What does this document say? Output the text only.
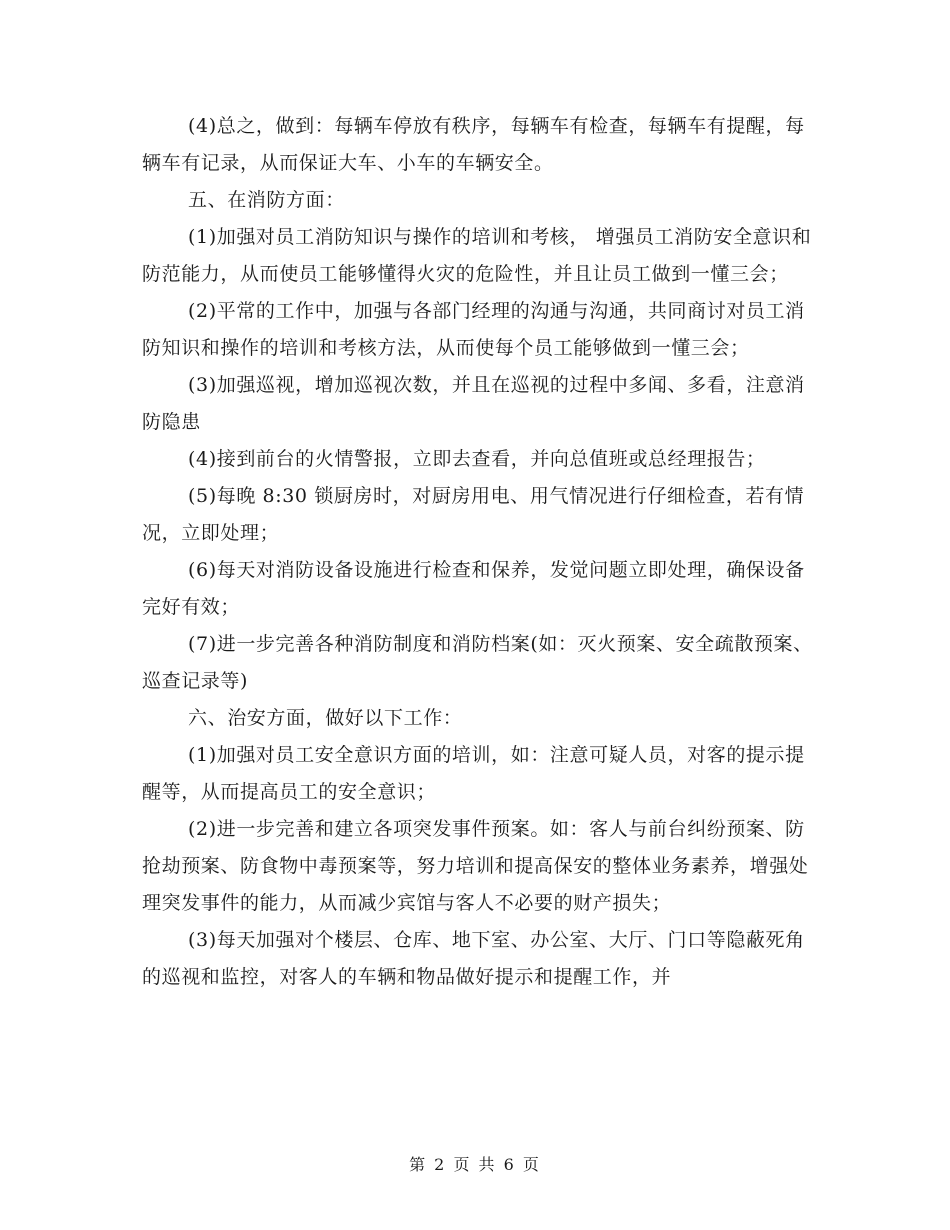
(4)总之，做到：每辆车停放有秩序，每辆车有检查，每辆车有提醒，每辆车有记录，从而保证大车、小车的车辆安全。

五、在消防方面：

(1)加强对员工消防知识与操作的培训和考核， 增强员工消防安全意识和防范能力，从而使员工能够懂得火灾的危险性，并且让员工做到一懂三会；

(2)平常的工作中，加强与各部门经理的沟通与沟通，共同商讨对员工消防知识和操作的培训和考核方法，从而使每个员工能够做到一懂三会；

(3)加强巡视，增加巡视次数，并且在巡视的过程中多闻、多看，注意消防隐患

(4)接到前台的火情警报，立即去查看，并向总值班或总经理报告；

(5)每晚 8:30 锁厨房时，对厨房用电、用气情况进行仔细检查，若有情况，立即处理；

(6)每天对消防设备设施进行检查和保养，发觉问题立即处理，确保设备完好有效；

(7)进一步完善各种消防制度和消防档案(如：灭火预案、安全疏散预案、巡查记录等)

六、治安方面，做好以下工作：

(1)加强对员工安全意识方面的培训，如：注意可疑人员，对客的提示提醒等，从而提高员工的安全意识；

(2)进一步完善和建立各项突发事件预案。如：客人与前台纠纷预案、防抢劫预案、防食物中毒预案等，努力培训和提高保安的整体业务素养，增强处理突发事件的能力，从而减少宾馆与客人不必要的财产损失；

(3)每天加强对个楼层、仓库、地下室、办公室、大厅、门口等隐蔽死角的巡视和监控，对客人的车辆和物品做好提示和提醒工作，并

第 2 页 共 6 页
